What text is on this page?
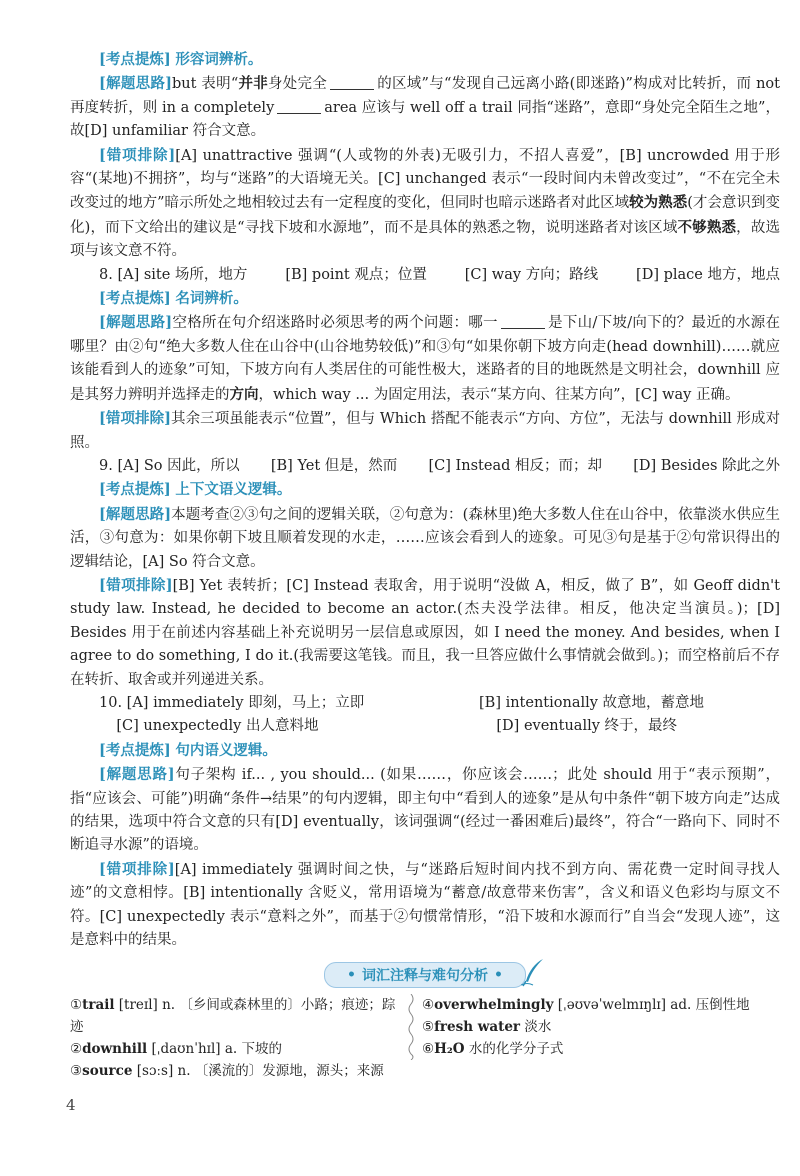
[考点提炼] 形容词辨析。

[解题思路]but 表明“并非身处完全	的区域”与“发现自己远离小路(即迷路)”构成对比转折，而 not 再度转折，则 in a completely	area 应该与 well off a trail 同指“迷路”，意即“身处完全陌生之地”，故[D] unfamiliar 符合文意。

[错项排除][A] unattractive 强调“(人或物的外表)无吸引力，不招人喜爱”，[B] uncrowded 用于形容“(某地)不拥挤”，均与“迷路”的大语境无关。[C] unchanged 表示“一段时间内未曾改变过”，“不在完全未改变过的地方”暗示所处之地相较过去有一定程度的变化，但同时也暗示迷路者对此区域较为熟悉(才会意识到变化)，而下文给出的建议是“寻找下坡和水源地”，而不是具体的熟悉之物，说明迷路者对该区域不够熟悉，故选项与该文意不符。

8. [A] site 场所，地方	[B] point 观点；位置	[C] way 方向；路线	[D] place 地方，地点

[考点提炼] 名词辨析。

[解题思路]空格所在句介绍迷路时必须思考的两个问题：哪一	是下山/下坡/向下的？最近的水源在哪里？由②句“绝大多数人住在山谷中(山谷地势较低)”和③句“如果你朝下坡方向走(head downhill)……就应该能看到人的迹象”可知，下坡方向有人类居住的可能性极大，迷路者的目的地既然是文明社会，downhill 应是其努力辨明并选择走的方向，which way ... 为固定用法，表示“某方向、往某方向”，[C] way 正确。

[错项排除]其余三项虽能表示“位置”，但与 Which 搭配不能表示“方向、方位”，无法与 downhill 形成对照。

9. [A] So 因此，所以 [B] Yet 但是，然而 [C] Instead 相反；而；却 [D] Besides 除此之外

[考点提炼] 上下文语义逻辑。

[解题思路]本题考查②③句之间的逻辑关联，②句意为：(森林里)绝大多数人住在山谷中，依靠淡水供应生活，③句意为：如果你朝下坡且顺着发现的水走，……应该会看到人的迹象。可见③句是基于②句常识得出的逻辑结论，[A] So 符合文意。

[错项排除][B] Yet 表转折；[C] Instead 表取舍，用于说明“没做 A，相反，做了 B”，如 Geoff didn't study law. Instead, he decided to become an actor.(杰夫没学法律。相反，他决定当演员。)；[D] Besides 用于在前述内容基础上补充说明另一层信息或原因，如 I need the money. And besides, when I agree to do something, I do it.(我需要这笔钱。而且，我一旦答应做什么事情就会做到。)；而空格前后不存在转折、取舍或并列递进关系。

10. [A] immediately 即刻，马上；立即	[B] intentionally 故意地，蓄意地
[C] unexpectedly 出人意料地	[D] eventually 终于，最终

[考点提炼] 句内语义逻辑。

[解题思路]句子架构 if... , you should... (如果……，你应该会……；此处 should 用于“表示预期”，指“应该会、可能”)明确“条件→结果”的句内逻辑，即主句中“看到人的迹象”是从句中条件“朝下坡方向走”达成的结果，选项中符合文意的只有[D] eventually，该词强调“(经过一番困难后)最终”，符合“一路向下、同时不断追寻水源”的语境。

[错项排除][A] immediately 强调时间之快，与“迷路后短时间内找不到方向、需花费一定时间寻找人迹”的文意相悖。[B] intentionally 含贬义，常用语境为“蓄意/故意带来伤害”，含义和语义色彩均与原文不符。[C] unexpectedly 表示“意料之外”，而基于②句惯常情形，“沿下坡和水源而行”自当会“发现人迹”，这是意料中的结果。

• 词汇注释与难句分析 •
①trail [treɪl] n. 〔乡间或森林里的〕小路；痕迹；踪迹
②downhill [ˌdaʊnˈhɪl] a. 下坡的
③source [sɔːs] n. 〔溪流的〕发源地，源头；来源
④overwhelmingly [ˌəʊvəˈwelmɪŋlɪ] ad. 压倒性地
⑤fresh water 淡水
⑥H₂O 水的化学分子式
4
